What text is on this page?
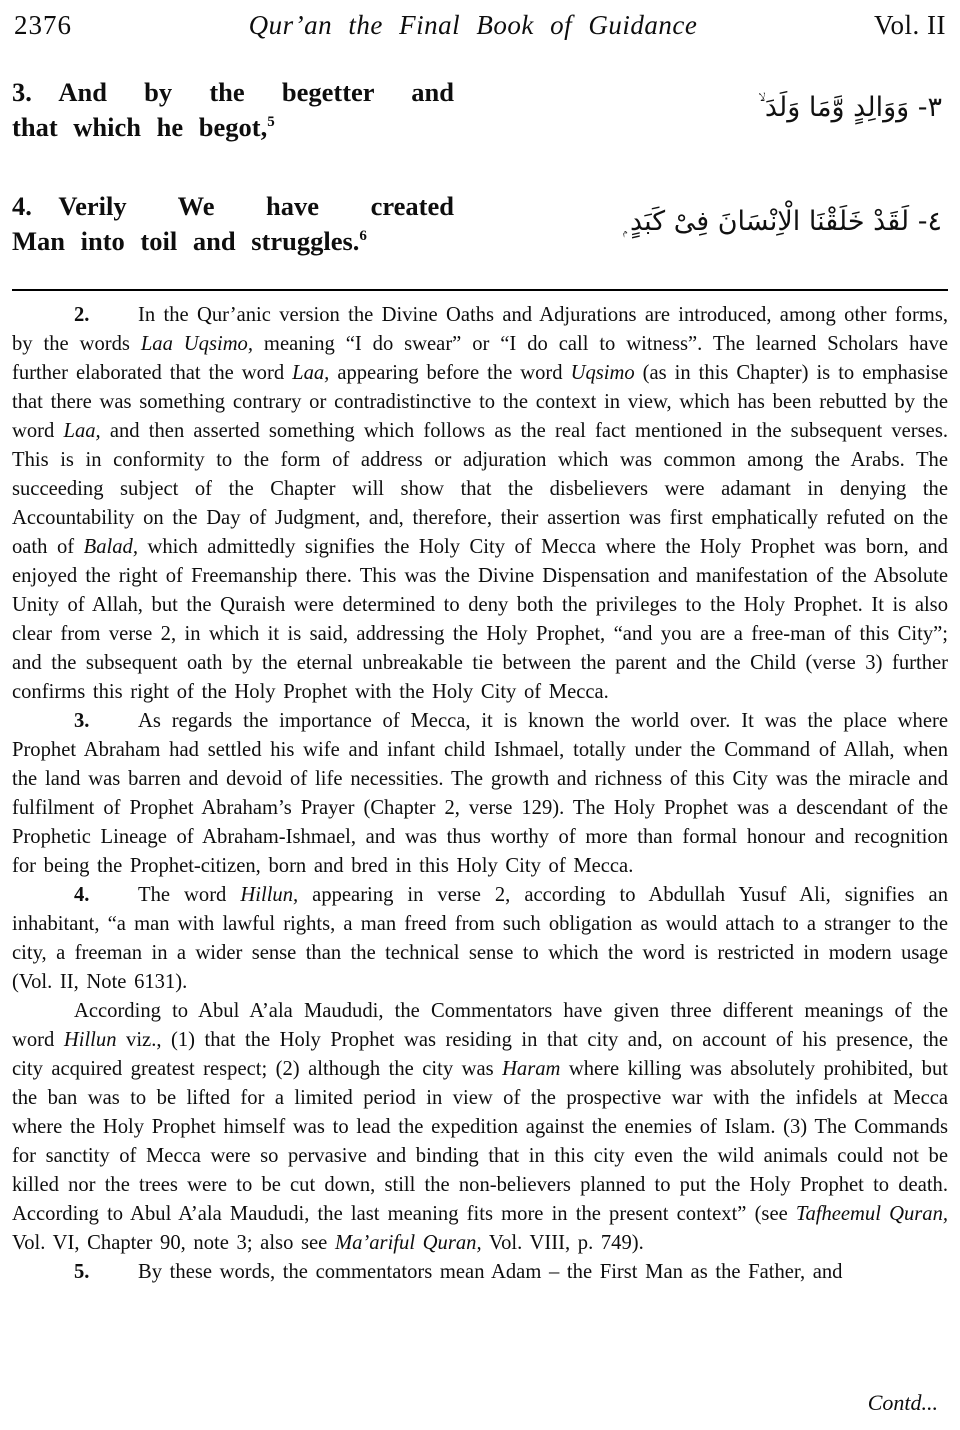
2376	Qur’an the Final Book of Guidance	Vol. II
3. And by the begetter and
that which he begot,$^5$	٣- وَوَالِدٍ وَّمَا وَلَدَ ۙ
4. Verily We have created
Man into toil and struggles.$^6$	٤- لَقَدْ خَلَقْنَا الْاِنْسَانَ فِىْ كَبَدٍ ۭ

2. In the Qur’anic version the Divine Oaths and Adjurations are introduced, among other forms, by the words Laa Uqsimo, meaning “I do swear” or “I do call to witness”. The learned Scholars have further elaborated that the word Laa, appearing before the word Uqsimo (as in this Chapter) is to emphasise that there was something contrary or contradistinctive to the context in view, which has been rebutted by the word Laa, and then asserted something which follows as the real fact mentioned in the subsequent verses. This is in conformity to the form of address or adjuration which was common among the Arabs. The succeeding subject of the Chapter will show that the disbelievers were adamant in denying the Accountability on the Day of Judgment, and, therefore, their assertion was first emphatically refuted on the oath of Balad, which admittedly signifies the Holy City of Mecca where the Holy Prophet was born, and enjoyed the right of Freemanship there. This was the Divine Dispensation and manifestation of the Absolute Unity of Allah, but the Quraish were determined to deny both the privileges to the Holy Prophet. It is also clear from verse 2, in which it is said, addressing the Holy Prophet, “and you are a free-man of this City”; and the subsequent oath by the eternal unbreakable tie between the parent and the Child (verse 3) further confirms this right of the Holy Prophet with the Holy City of Mecca.

3. As regards the importance of Mecca, it is known the world over. It was the place where Prophet Abraham had settled his wife and infant child Ishmael, totally under the Command of Allah, when the land was barren and devoid of life necessities. The growth and richness of this City was the miracle and fulfilment of Prophet Abraham’s Prayer (Chapter 2, verse 129). The Holy Prophet was a descendant of the Prophetic Lineage of Abraham-Ishmael, and was thus worthy of more than formal honour and recognition for being the Prophet-citizen, born and bred in this Holy City of Mecca.

4. The word Hillun, appearing in verse 2, according to Abdullah Yusuf Ali, signifies an inhabitant, “a man with lawful rights, a man freed from such obligation as would attach to a stranger to the city, a freeman in a wider sense than the technical sense to which the word is restricted in modern usage (Vol. II, Note 6131).

According to Abul A’ala Maududi, the Commentators have given three different meanings of the word Hillun viz., (1) that the Holy Prophet was residing in that city and, on account of his presence, the city acquired greatest respect; (2) although the city was Haram where killing was absolutely prohibited, but the ban was to be lifted for a limited period in view of the prospective war with the infidels at Mecca where the Holy Prophet himself was to lead the expedition against the enemies of Islam. (3) The Commands for sanctity of Mecca were so pervasive and binding that in this city even the wild animals could not be killed nor the trees were to be cut down, still the non-believers planned to put the Holy Prophet to death. According to Abul A’ala Maududi, the last meaning fits more in the present context” (see Tafheemul Quran, Vol. VI, Chapter 90, note 3; also see Ma’ariful Quran, Vol. VIII, p. 749).

5. By these words, the commentators mean Adam – the First Man as the Father, and

Contd...
